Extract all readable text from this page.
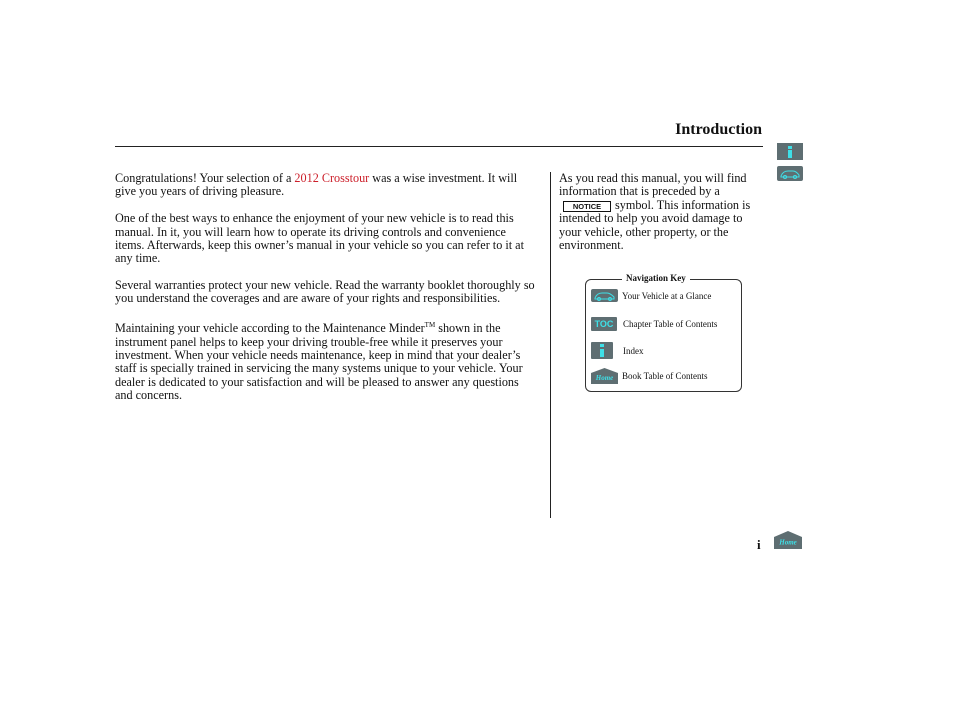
Introduction

Congratulations! Your selection of a 2012 Crosstour was a wise investment. It will give you years of driving pleasure.

One of the best ways to enhance the enjoyment of your new vehicle is to read this manual. In it, you will learn how to operate its driving controls and convenience items. Afterwards, keep this owner’s manual in your vehicle so you can refer to it at any time.

Several warranties protect your new vehicle. Read the warranty booklet thoroughly so you understand the coverages and are aware of your rights and responsibilities.

Maintaining your vehicle according to the Maintenance Minder™ shown in the instrument panel helps to keep your driving trouble-free while it preserves your investment. When your vehicle needs maintenance, keep in mind that your dealer’s staff is specially trained in servicing the many systems unique to your vehicle. Your dealer is dedicated to your satisfaction and will be pleased to answer any questions and concerns.

As you read this manual, you will find information that is preceded by aNOTICE symbol. This information is intended to help you avoid damage to your vehicle, other property, or the environment.
Navigation Key
Your Vehicle at a Glance
TOC	Chapter Table of Contents
Index
Home Book Table of Contents
i	Home
